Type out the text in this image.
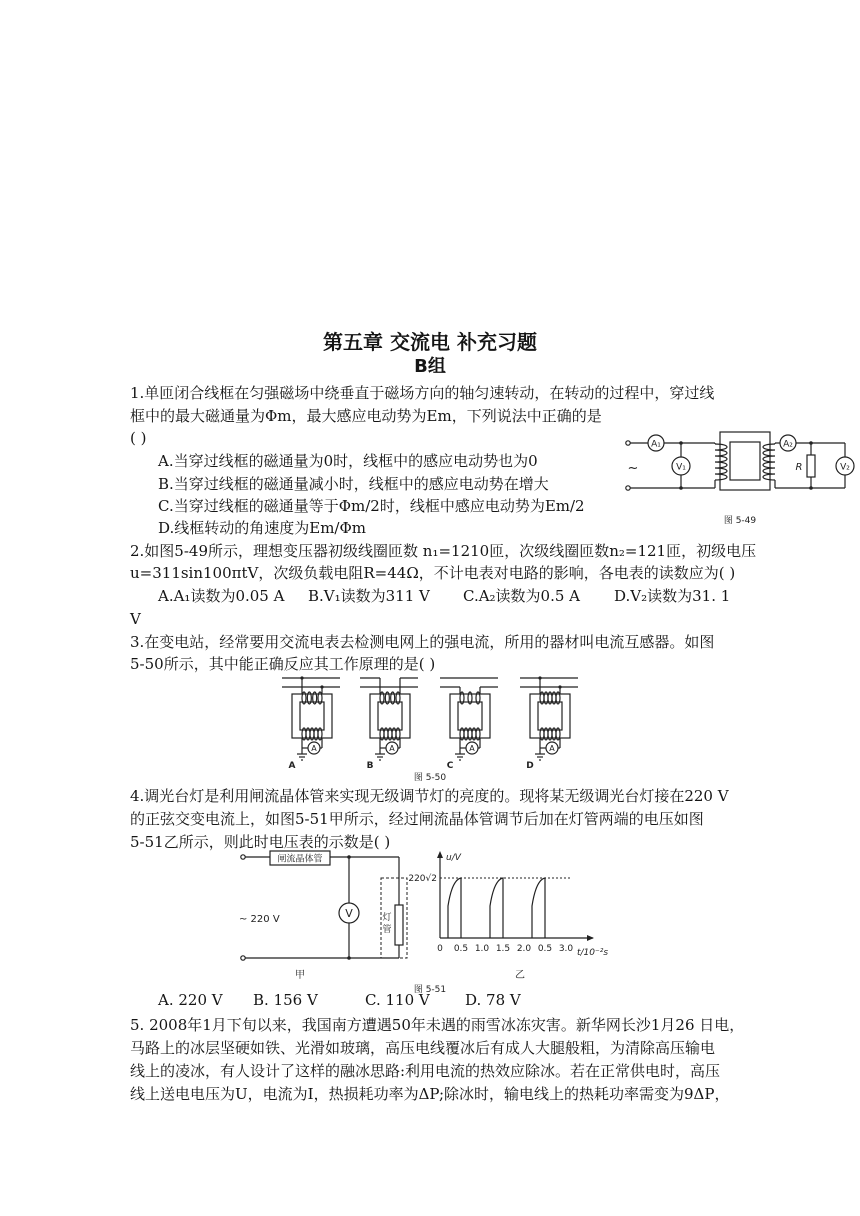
第五章 交流电 补充习题
B组
1.单匝闭合线框在匀强磁场中绕垂直于磁场方向的轴匀速转动，在转动的过程中，穿过线
框中的最大磁通量为Φm，最大感应电动势为Em，下列说法中正确的是
( )
A.当穿过线框的磁通量为0时，线框中的感应电动势也为0
B.当穿过线框的磁通量减小时，线框中的感应电动势在增大
C.当穿过线框的磁通量等于Φm/2时，线框中感应电动势为Em/2
D.线框转动的角速度为Em/Φm
A₁
V₁
~
A₂
R	V₂
图 5-49
2.如图5-49所示，理想变压器初级线圈匝数 n₁=1210匝，次级线圈匝数n₂=121匝，初级电压
u=311sin100πtV，次级负载电阻R=44Ω，不计电表对电路的影响，各电表的读数应为( )
A.A₁读数为0.05 A B.V₁读数为311 V C.A₂读数为0.5 A D.V₂读数为31. 1
V
3.在变电站，经常要用交流电表去检测电网上的强电流，所用的器材叫电流互感器。如图
5-50所示，其中能正确反应其工作原理的是( )
A
A
A
B
A
C
A
D
图 5-50
4.调光台灯是利用闸流晶体管来实现无级调节灯的亮度的。现将某无级调光台灯接在220 V
的正弦交变电流上，如图5-51甲所示，经过闸流晶体管调节后加在灯管两端的电压如图
5-51乙所示，则此时电压表的示数是( )
闸流晶体管
V
~ 220 V	灯
管
甲
u/V
220√2
0 0.5 1.0 1.5 2.0 0.5 3.0 t/10⁻²s
乙
图 5-51
A. 220 V B. 156 V	C. 110 V D. 78 V
5. 2008年1月下旬以来，我国南方遭遇50年未遇的雨雪冰冻灾害。新华网长沙1月26 日电，
马路上的冰层坚硬如铁、光滑如玻璃，高压电线覆冰后有成人大腿般粗，为清除高压输电
线上的凌冰，有人设计了这样的融冰思路:利用电流的热效应除冰。若在正常供电时，高压
线上送电电压为U，电流为I，热损耗功率为ΔP;除冰时，输电线上的热耗功率需变为9ΔP，
